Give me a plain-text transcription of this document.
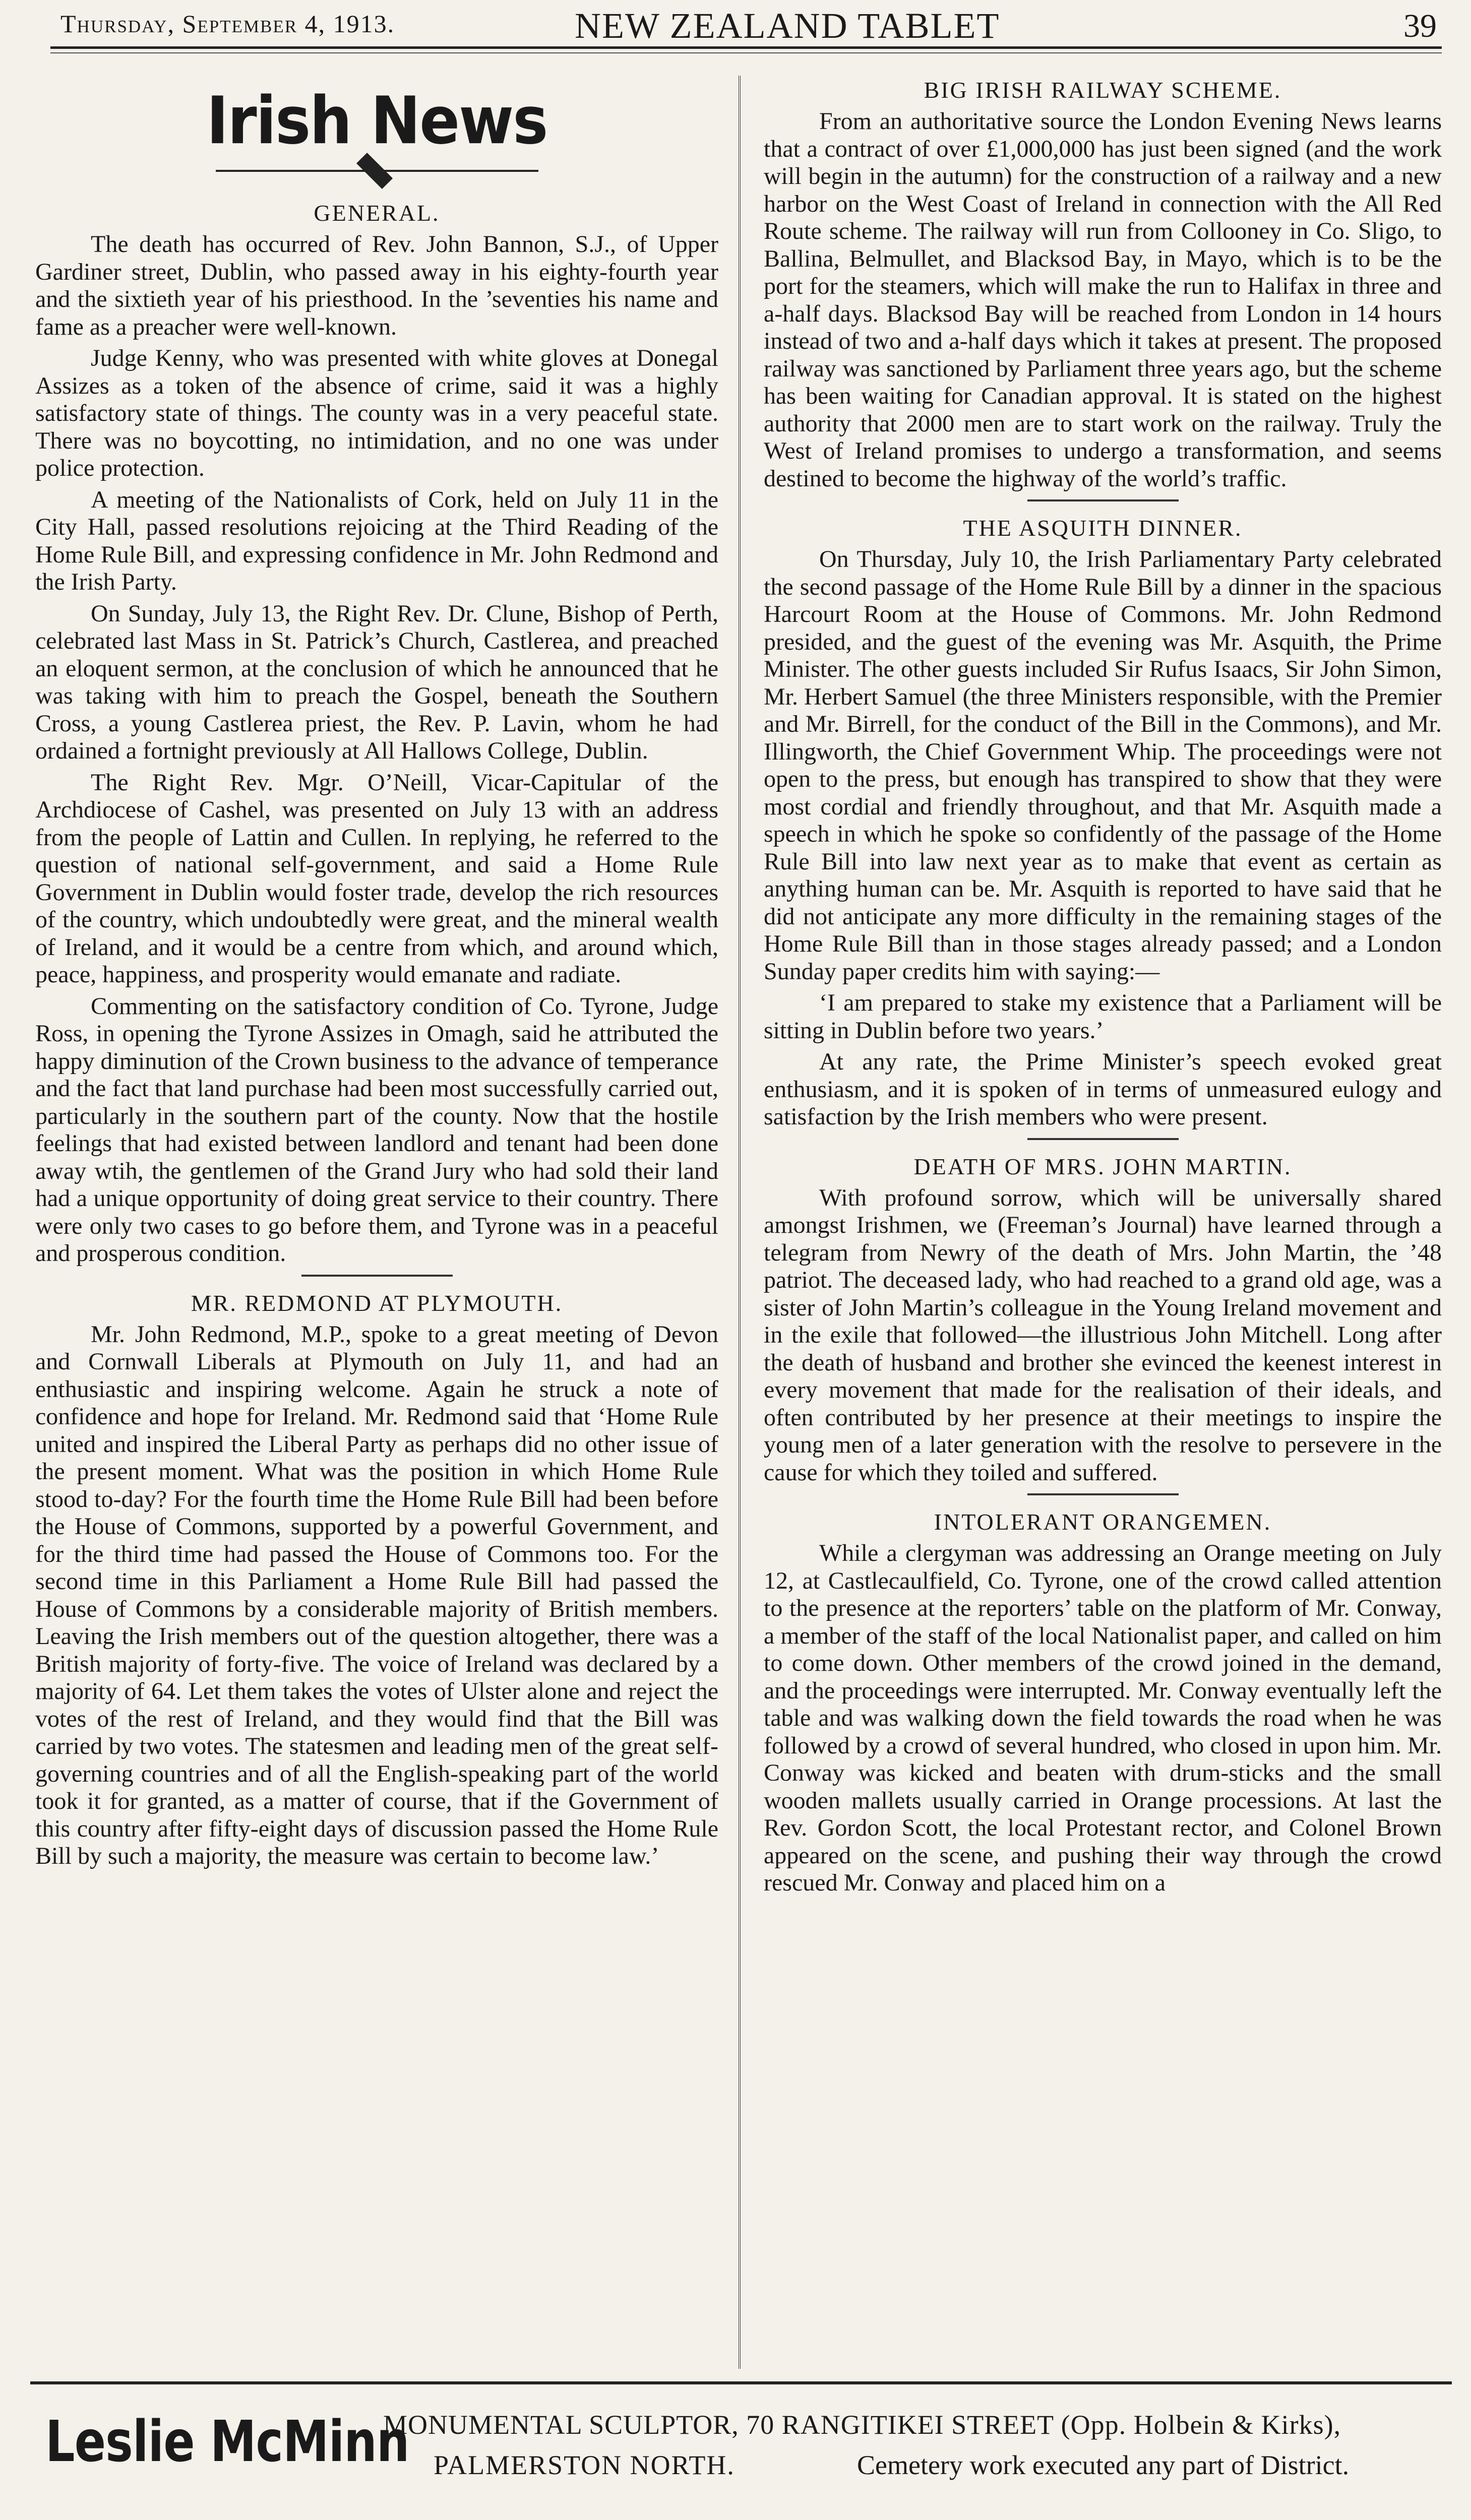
Thursday, September 4, 1913.	NEW ZEALAND TABLET	39
Irish News
GENERAL.

The death has occurred of Rev. John Bannon, S.J., of Upper Gardiner street, Dublin, who passed away in his eighty-fourth year and the sixtieth year of his priesthood. In the ’seventies his name and fame as a preacher were well-known.

Judge Kenny, who was presented with white gloves at Donegal Assizes as a token of the absence of crime, said it was a highly satisfactory state of things. The county was in a very peaceful state. There was no boycotting, no intimidation, and no one was under police protection.

A meeting of the Nationalists of Cork, held on July 11 in the City Hall, passed resolutions rejoicing at the Third Reading of the Home Rule Bill, and expressing confidence in Mr. John Redmond and the Irish Party.

On Sunday, July 13, the Right Rev. Dr. Clune, Bishop of Perth, celebrated last Mass in St. Patrick’s Church, Castlerea, and preached an eloquent sermon, at the conclusion of which he announced that he was taking with him to preach the Gospel, beneath the Southern Cross, a young Castlerea priest, the Rev. P. Lavin, whom he had ordained a fortnight previously at All Hallows College, Dublin.

The Right Rev. Mgr. O’Neill, Vicar-Capitular of the Archdiocese of Cashel, was presented on July 13 with an address from the people of Lattin and Cullen. In replying, he referred to the question of national self-government, and said a Home Rule Government in Dublin would foster trade, develop the rich resources of the country, which undoubtedly were great, and the mineral wealth of Ireland, and it would be a centre from which, and around which, peace, happiness, and prosperity would emanate and radiate.

Commenting on the satisfactory condition of Co. Tyrone, Judge Ross, in opening the Tyrone Assizes in Omagh, said he attributed the happy diminution of the Crown business to the advance of temperance and the fact that land purchase had been most successfully carried out, particularly in the southern part of the county. Now that the hostile feelings that had existed between landlord and tenant had been done away wtih, the gentlemen of the Grand Jury who had sold their land had a unique opportunity of doing great service to their country. There were only two cases to go before them, and Tyrone was in a peaceful and prosperous condition.

MR. REDMOND AT PLYMOUTH.

Mr. John Redmond, M.P., spoke to a great meeting of Devon and Cornwall Liberals at Plymouth on July 11, and had an enthusiastic and inspiring welcome. Again he struck a note of confidence and hope for Ireland. Mr. Redmond said that ‘Home Rule united and inspired the Liberal Party as perhaps did no other issue of the present moment. What was the position in which Home Rule stood to-day? For the fourth time the Home Rule Bill had been before the House of Commons, supported by a powerful Government, and for the third time had passed the House of Commons too. For the second time in this Parliament a Home Rule Bill had passed the House of Commons by a considerable majority of British members. Leaving the Irish members out of the question altogether, there was a British majority of forty-five. The voice of Ireland was declared by a majority of 64. Let them takes the votes of Ulster alone and reject the votes of the rest of Ireland, and they would find that the Bill was carried by two votes. The statesmen and leading men of the great self-governing countries and of all the English-speaking part of the world took it for granted, as a matter of course, that if the Government of this country after fifty-eight days of discussion passed the Home Rule Bill by such a majority, the measure was certain to become law.’

BIG IRISH RAILWAY SCHEME.

From an authoritative source the London Evening News learns that a contract of over £1,000,000 has just been signed (and the work will begin in the autumn) for the construction of a railway and a new harbor on the West Coast of Ireland in connection with the All Red Route scheme. The railway will run from Collooney in Co. Sligo, to Ballina, Belmullet, and Blacksod Bay, in Mayo, which is to be the port for the steamers, which will make the run to Halifax in three and a-half days. Blacksod Bay will be reached from London in 14 hours instead of two and a-half days which it takes at present. The proposed railway was sanctioned by Parliament three years ago, but the scheme has been waiting for Canadian approval. It is stated on the highest authority that 2000 men are to start work on the railway. Truly the West of Ireland promises to undergo a transformation, and seems destined to become the highway of the world’s traffic.

THE ASQUITH DINNER.

On Thursday, July 10, the Irish Parliamentary Party celebrated the second passage of the Home Rule Bill by a dinner in the spacious Harcourt Room at the House of Commons. Mr. John Redmond presided, and the guest of the evening was Mr. Asquith, the Prime Minister. The other guests included Sir Rufus Isaacs, Sir John Simon, Mr. Herbert Samuel (the three Ministers responsible, with the Premier and Mr. Birrell, for the conduct of the Bill in the Commons), and Mr. Illingworth, the Chief Government Whip. The proceedings were not open to the press, but enough has transpired to show that they were most cordial and friendly throughout, and that Mr. Asquith made a speech in which he spoke so confidently of the passage of the Home Rule Bill into law next year as to make that event as certain as anything human can be. Mr. Asquith is reported to have said that he did not anticipate any more difficulty in the remaining stages of the Home Rule Bill than in those stages already passed; and a London Sunday paper credits him with saying:—

‘I am prepared to stake my existence that a Parliament will be sitting in Dublin before two years.’

At any rate, the Prime Minister’s speech evoked great enthusiasm, and it is spoken of in terms of unmeasured eulogy and satisfaction by the Irish members who were present.

DEATH OF MRS. JOHN MARTIN.

With profound sorrow, which will be universally shared amongst Irishmen, we (Freeman’s Journal) have learned through a telegram from Newry of the death of Mrs. John Martin, the ’48 patriot. The deceased lady, who had reached to a grand old age, was a sister of John Martin’s colleague in the Young Ireland movement and in the exile that followed—the illustrious John Mitchell. Long after the death of husband and brother she evinced the keenest interest in every movement that made for the realisation of their ideals, and often contributed by her presence at their meetings to inspire the young men of a later generation with the resolve to persevere in the cause for which they toiled and suffered.

INTOLERANT ORANGEMEN.

While a clergyman was addressing an Orange meeting on July 12, at Castlecaulfield, Co. Tyrone, one of the crowd called attention to the presence at the reporters’ table on the platform of Mr. Conway, a member of the staff of the local Nationalist paper, and called on him to come down. Other members of the crowd joined in the demand, and the proceedings were interrupted. Mr. Conway eventually left the table and was walking down the field towards the road when he was followed by a crowd of several hundred, who closed in upon him. Mr. Conway was kicked and beaten with drum-sticks and the small wooden mallets usually carried in Orange processions. At last the Rev. Gordon Scott, the local Protestant rector, and Colonel Brown appeared on the scene, and pushing their way through the crowd rescued Mr. Conway and placed him on a

Leslie McMinn
MONUMENTAL SCULPTOR, 70 RANGITIKEI STREET (Opp. Holbein & Kirks),
PALMERSTON NORTH.	Cemetery work executed any part of District.
